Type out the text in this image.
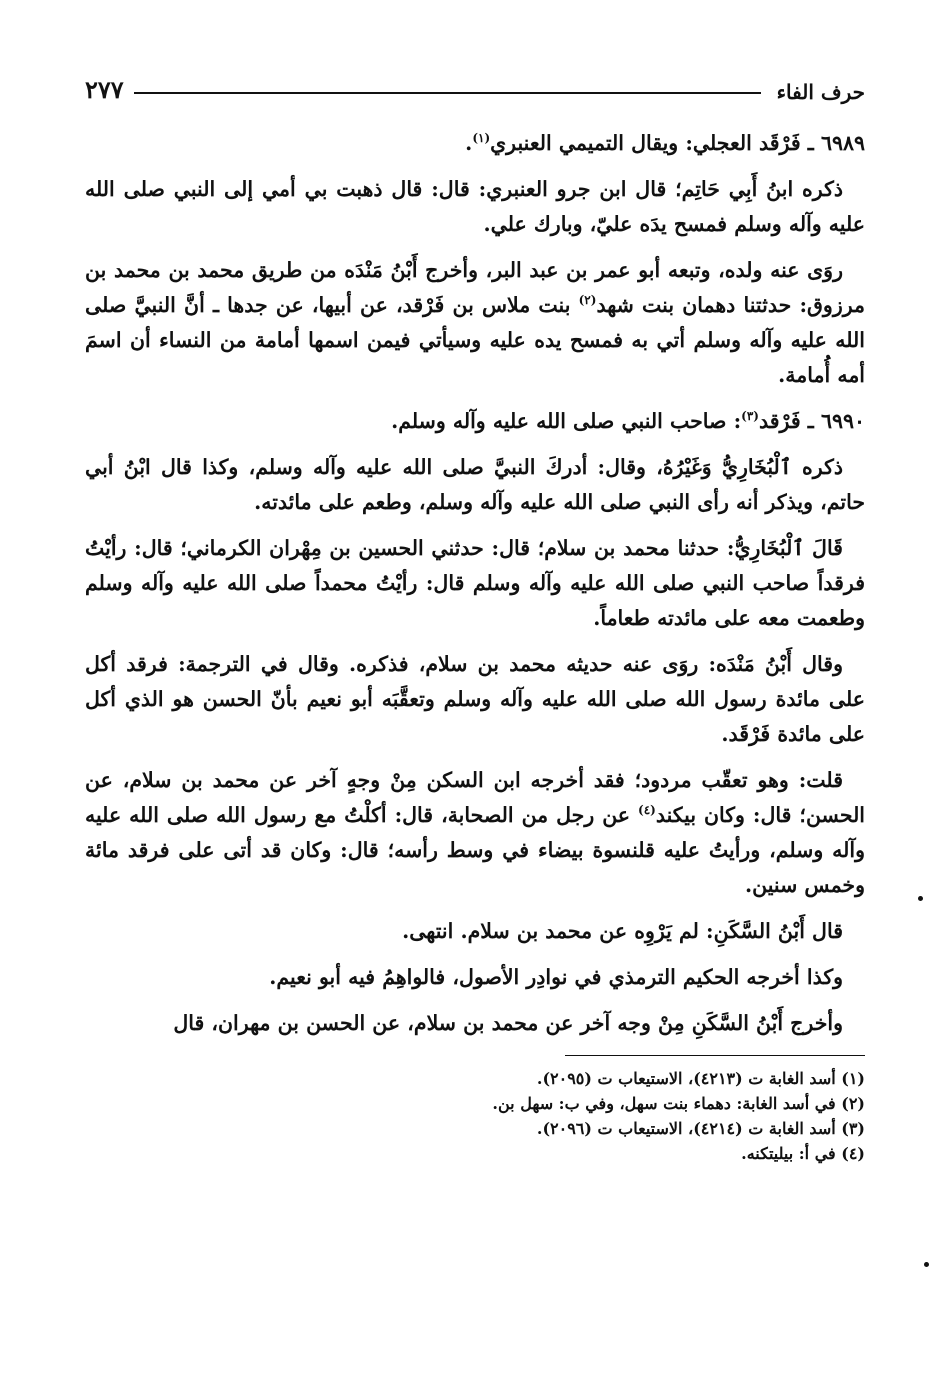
حرف الفاء
٢٧٧

٦٩٨٩ ـ فَرْقَد العجلي: ويقال التميمي العنبري$^{(١)}$.

ذكره ابنُ أَبِي حَاتِم؛ قال ابن جرو العنبري: قال: قال ذهبت بي أمي إلى النبي صلى الله عليه وآله وسلم فمسح يدَه عليّ، وبارك علي.

روَى عنه ولده، وتبعه أبو عمر بن عبد البر، وأخرج أَبْنُ مَنْدَه من طريق محمد بن محمد بن مرزوق: حدثتنا دهمان بنت شهد$^{(٢)}$ بنت ملاس بن فَرْقد، عن أبيها، عن جدها ـ أنَّ النبيَّ صلى الله عليه وآله وسلم أتي به فمسح يده عليه وسيأتي فيمن اسمها أمامة من النساء أن اسمَ أمه أُمامة.

٦٩٩٠ ـ فَرْقد$^{(٣)}$: صاحب النبي صلى الله عليه وآله وسلم.

ذكره ٱلْبُخَارِيُّ وَغَيْرُهُ، وقال: أدركَ النبيَّ صلى الله عليه وآله وسلم، وكذا قال ابْنُ أبي حاتم، ويذكر أنه رأى النبي صلى الله عليه وآله وسلم، وطعم على مائدته.

قَالَ ٱلْبُخَارِيُّ: حدثنا محمد بن سلام؛ قال: حدثني الحسين بن مِهْران الكرماني؛ قال: رأيْتُ فرقداً صاحب النبي صلى الله عليه وآله وسلم قال: رأيْتُ محمداً صلى الله عليه وآله وسلم وطعمت معه على مائدته طعاماً.

وقال أَبْنُ مَنْدَه: روَى عنه حديثه محمد بن سلام، فذكره. وقال في الترجمة: فرقد أكل على مائدة رسول الله صلى الله عليه وآله وسلم وتعقَّبَه أبو نعيم بأنّ الحسن هو الذي أكل على مائدة فَرْقَد.

قلت: وهو تعقّب مردود؛ فقد أخرجه ابن السكن مِنْ وجهٍ آخر عن محمد بن سلام، عن الحسن؛ قال: وكان بيكند$^{(٤)}$ عن رجل من الصحابة، قال: أكلْتُ مع رسول الله صلى الله عليه وآله وسلم، ورأيتُ عليه قلنسوة بيضاء في وسط رأسه؛ قال: وكان قد أتى على فرقد مائة وخمس سنين.

قال أَبْنُ السَّكَنِ: لم يَرْوِه عن محمد بن سلام. انتهى.

وكذا أخرجه الحكيم الترمذي في نوادِر الأصول، فالواهِمُ فيه أبو نعيم.

وأخرج أَبْنُ السَّكَنِ مِنْ وجه آخر عن محمد بن سلام، عن الحسن بن مهران، قال

(١) أسد الغابة ت (٤٢١٣)، الاستيعاب ت (٢٠٩٥).
(٢) في أسد الغابة: دهماء بنت سهل، وفي ب: سهل بن.
(٣) أسد الغابة ت (٤٢١٤)، الاستيعاب ت (٢٠٩٦).
(٤) في أ: بيليتكنه.
